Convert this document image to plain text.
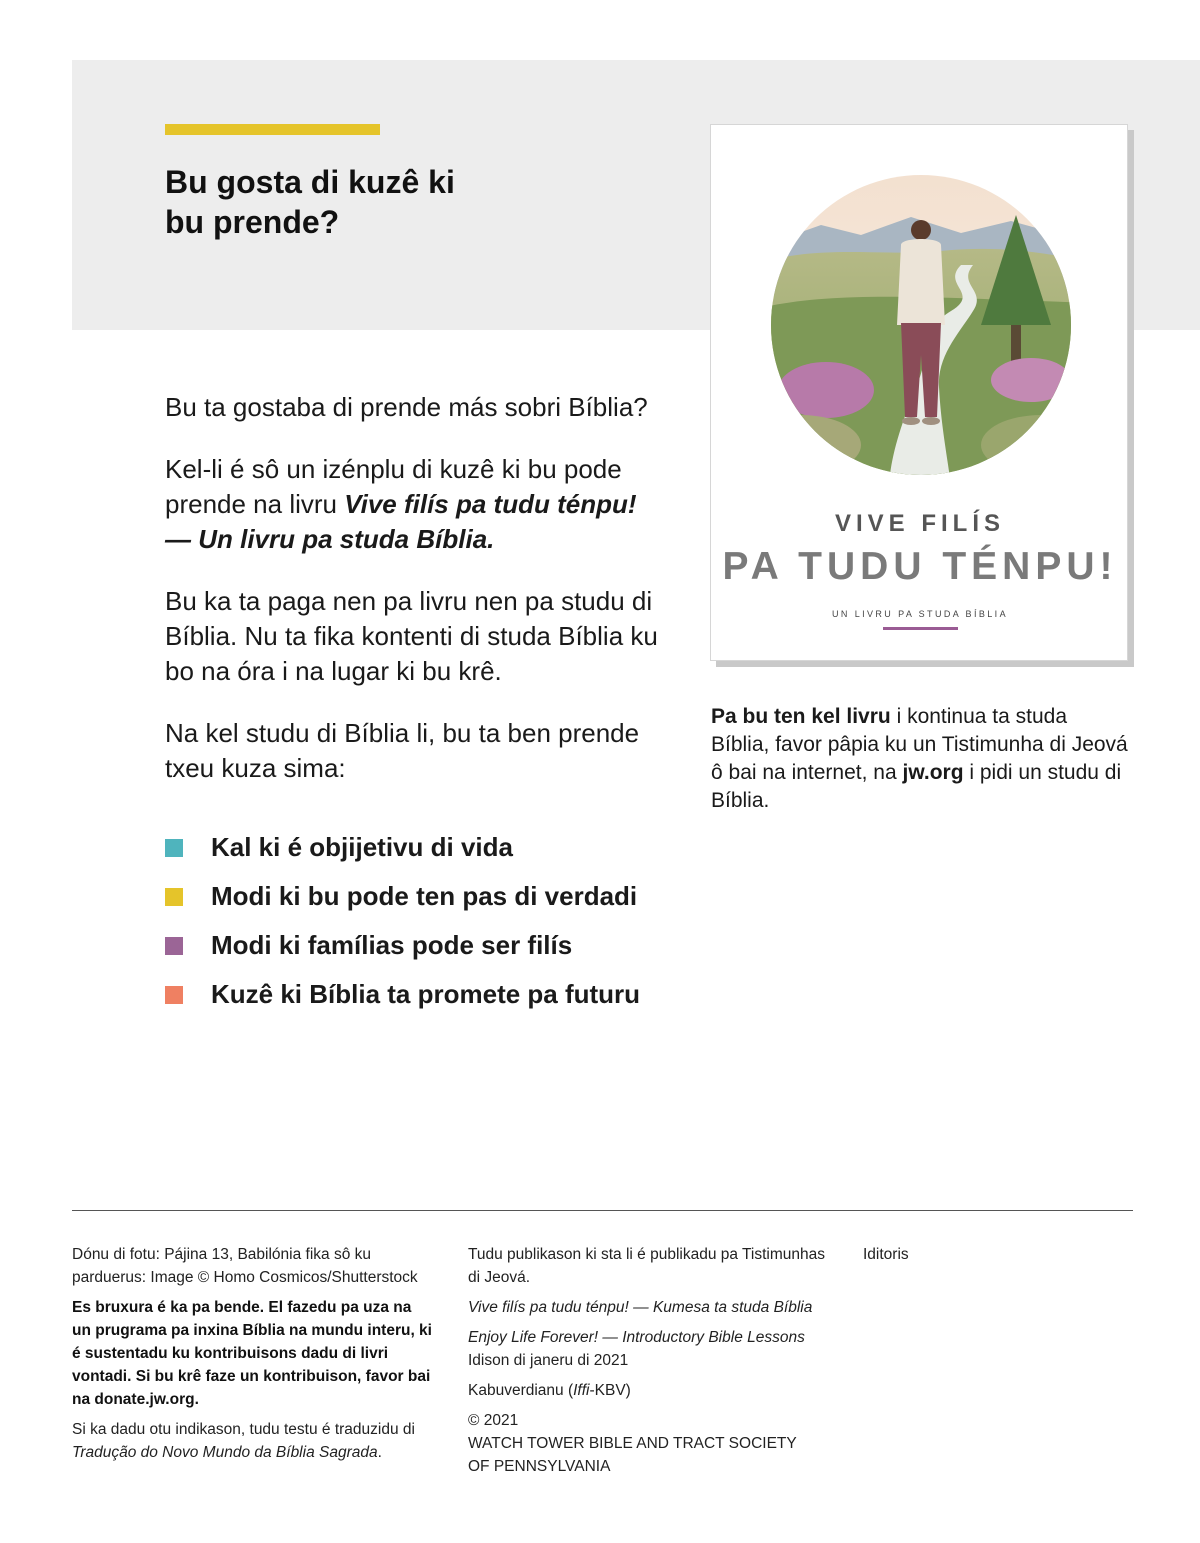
Bu gosta di kuzê ki
bu prende?

Bu ta gostaba di prende más sobri Bíblia?

Kel-li é sô un izénplu di kuzê ki bu pode prende na livru Vive filís pa tudu ténpu!
— Un livru pa studa Bíblia.

Bu ka ta paga nen pa livru nen pa studu di Bíblia. Nu ta fika kontenti di studa Bíblia ku bo na óra i na lugar ki bu krê.

Na kel studu di Bíblia li, bu ta ben prende txeu kuza sima:

Kal ki é objijetivu di vida
Modi ki bu pode ten pas di verdadi
Modi ki famílias pode ser filís
Kuzê ki Bíblia ta promete pa futuru
VIVE FILÍS
PA TUDU TÉNPU!
UN LIVRU PA STUDA BÍBLIA
Pa bu ten kel livru i kontinua ta studa Bíblia, favor pâpia ku un Tistimunha di Jeová ô bai na internet, na jw.org i pidi un studu di Bíblia.

Dónu di fotu: Pájina 13, Babilónia fika sô ku parduerus: Image © Homo Cosmicos/Shutterstock

Es bruxura é ka pa bende. El fazedu pa uza na un prugrama pa inxina Bíblia na mundu interu, ki é sustentadu ku kontribuisons dadu di livri vontadi. Si bu krê faze un kontribuison, favor bai na donate.jw.org.

Si ka dadu otu indikason, tudu testu é traduzidu di Tradução do Novo Mundo da Bíblia Sagrada.

Tudu publikason ki sta li é publikadu pa Tistimunhas di Jeová.

Vive filís pa tudu ténpu! — Kumesa ta studa Bíblia

Enjoy Life Forever! — Introductory Bible Lessons
Idison di janeru di 2021

Kabuverdianu (Iffi-KBV)

© 2021
WATCH TOWER BIBLE AND TRACT SOCIETY
OF PENNSYLVANIA

Iditoris
